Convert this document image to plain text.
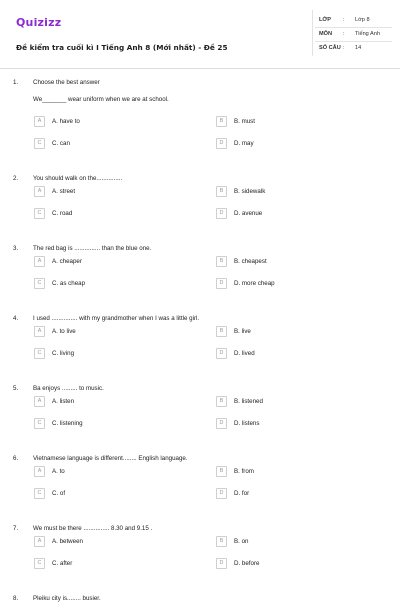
Quizizz
Đề kiểm tra cuối kì I Tiếng Anh 8 (Mới nhất) - Đề 25
LỚP : Lớp 8
MÔN : Tiếng Anh
SỐ CÂU : 14
1. Choose the best answer
We_______ wear uniform when we are at school.
A	A. have to	B	B. must
C	C. can	D	D. may
2. You should walk on the...............
A	A. street	B	B. sidewalk
C	C. road	D	D. avenue
3. The red bag is ............... than the blue one.
A	A. cheaper	B	B. cheapest
C	C. as cheap	D	D. more cheap
4. I used ............... with my grandmother when I was a little girl.
A	A. to live	B	B. live
C	C. living	D	D. lived
5. Ba enjoys ......... to music.
A	A. listen	B	B. listened
C	C. listening	D	D. listens
6. Vietnamese language is different........ English language.
A	A. to	B	B. from
C	C. of	D	D. for
7. We must be there ............... 8.30 and 9.15 .
A	A. between	B	B. on
C	C. after	D	D. before
8. Pleiku city is........ busier.
